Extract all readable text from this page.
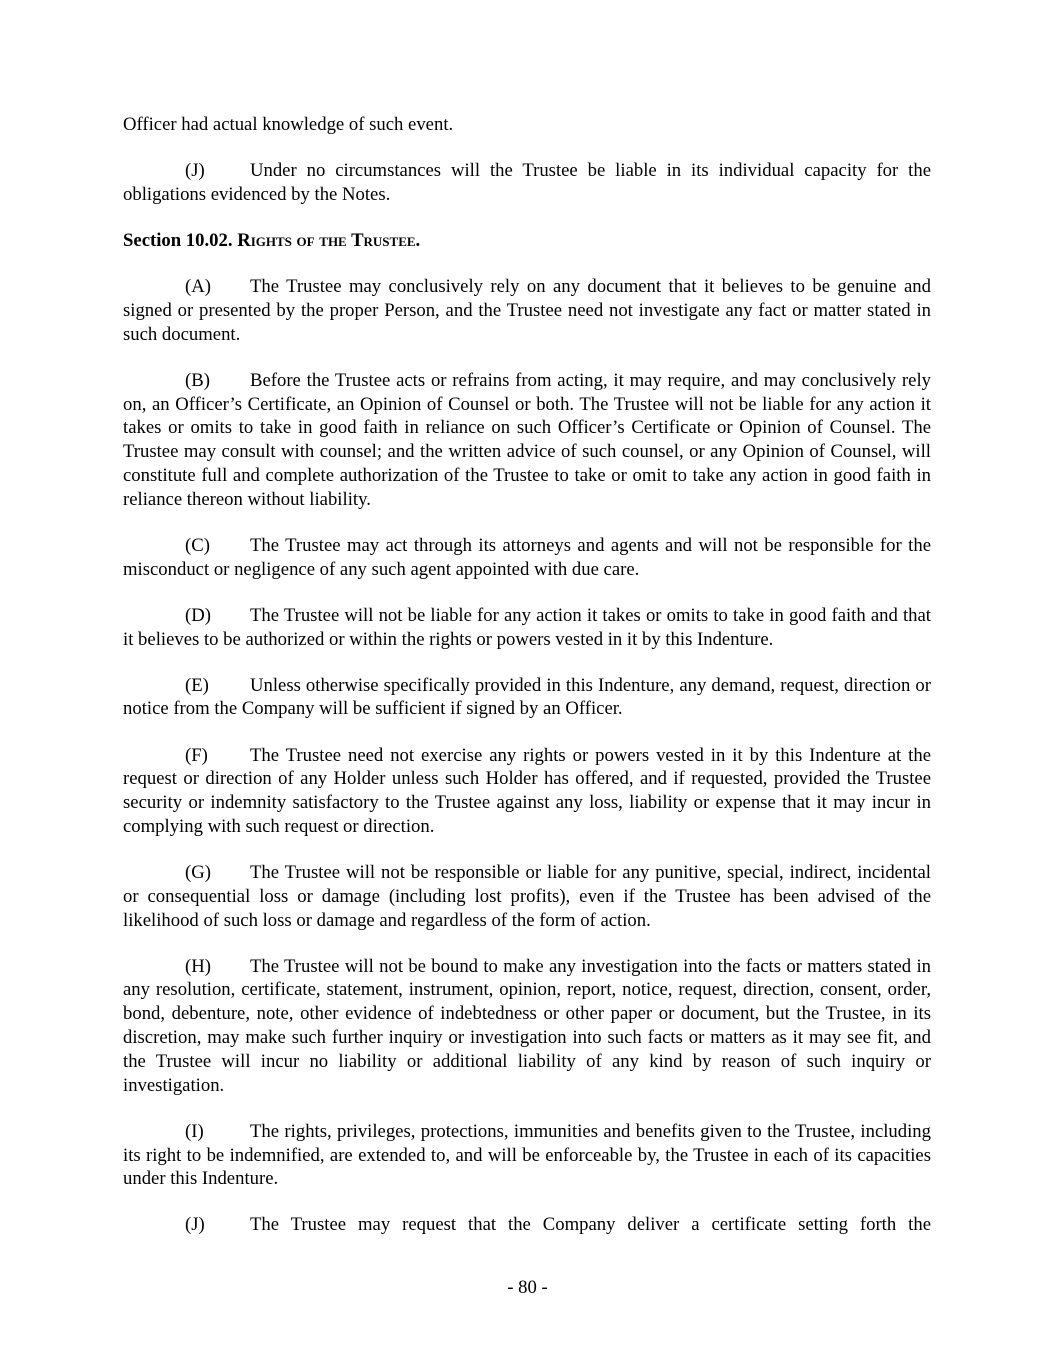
Officer had actual knowledge of such event.

(J) Under no circumstances will the Trustee be liable in its individual capacity for the obligations evidenced by the Notes.

Section 10.02. Rights of the Trustee.

(A) The Trustee may conclusively rely on any document that it believes to be genuine and signed or presented by the proper Person, and the Trustee need not investigate any fact or matter stated in such document.

(B) Before the Trustee acts or refrains from acting, it may require, and may conclusively rely on, an Officer’s Certificate, an Opinion of Counsel or both. The Trustee will not be liable for any action it takes or omits to take in good faith in reliance on such Officer’s Certificate or Opinion of Counsel. The Trustee may consult with counsel; and the written advice of such counsel, or any Opinion of Counsel, will constitute full and complete authorization of the Trustee to take or omit to take any action in good faith in reliance thereon without liability.

(C) The Trustee may act through its attorneys and agents and will not be responsible for the misconduct or negligence of any such agent appointed with due care.

(D) The Trustee will not be liable for any action it takes or omits to take in good faith and that it believes to be authorized or within the rights or powers vested in it by this Indenture.

(E) Unless otherwise specifically provided in this Indenture, any demand, request, direction or notice from the Company will be sufficient if signed by an Officer.

(F) The Trustee need not exercise any rights or powers vested in it by this Indenture at the request or direction of any Holder unless such Holder has offered, and if requested, provided the Trustee security or indemnity satisfactory to the Trustee against any loss, liability or expense that it may incur in complying with such request or direction.

(G) The Trustee will not be responsible or liable for any punitive, special, indirect, incidental or consequential loss or damage (including lost profits), even if the Trustee has been advised of the likelihood of such loss or damage and regardless of the form of action.

(H) The Trustee will not be bound to make any investigation into the facts or matters stated in any resolution, certificate, statement, instrument, opinion, report, notice, request, direction, consent, order, bond, debenture, note, other evidence of indebtedness or other paper or document, but the Trustee, in its discretion, may make such further inquiry or investigation into such facts or matters as it may see fit, and the Trustee will incur no liability or additional liability of any kind by reason of such inquiry or investigation.

(I) The rights, privileges, protections, immunities and benefits given to the Trustee, including its right to be indemnified, are extended to, and will be enforceable by, the Trustee in each of its capacities under this Indenture.

(J) The Trustee may request that the Company deliver a certificate setting forth the

- 80 -
